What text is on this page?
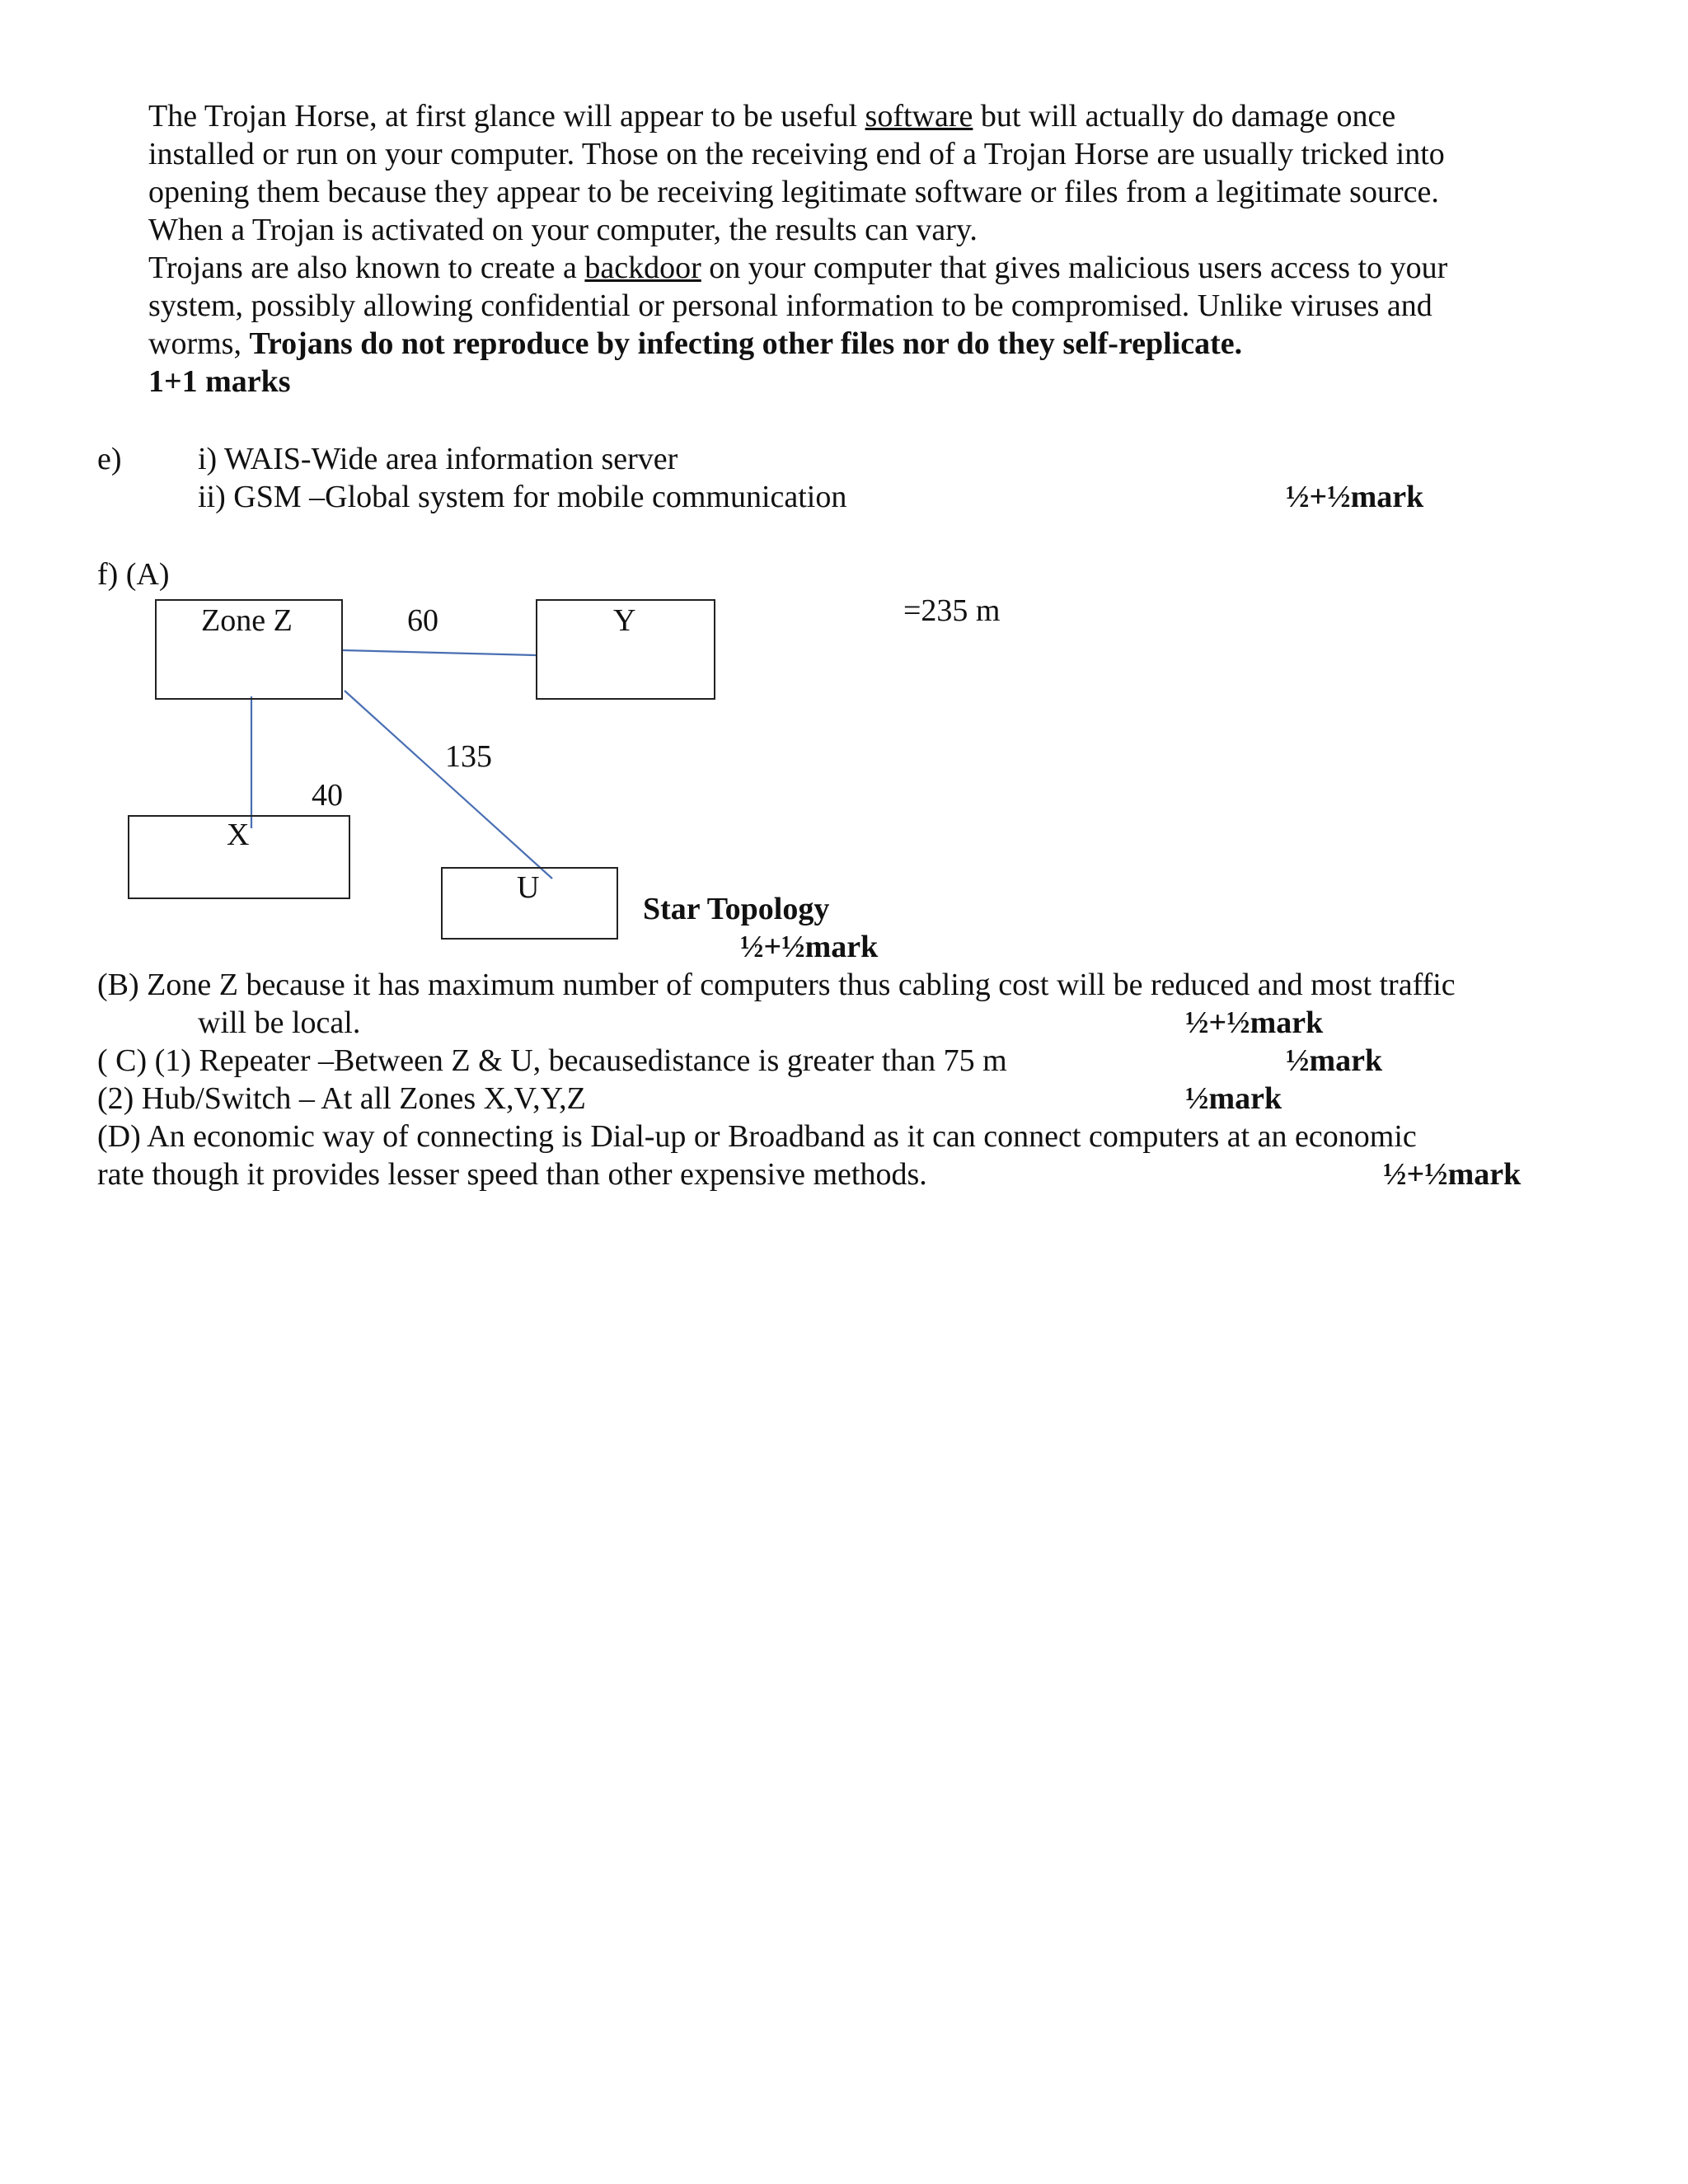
The Trojan Horse, at first glance will appear to be useful software but will actually do damage once
installed or run on your computer. Those on the receiving end of a Trojan Horse are usually tricked into
opening them because they appear to be receiving legitimate software or files from a legitimate source.
When a Trojan is activated on your computer, the results can vary.
Trojans are also known to create a backdoor on your computer that gives malicious users access to your
system, possibly allowing confidential or personal information to be compromised. Unlike viruses and
worms, Trojans do not reproduce by infecting other files nor do they self-replicate.
1+1 marks
e) i) WAIS-Wide area information server
ii) GSM –Global system for mobile communication	½+½mark
f) (A)
Zone Z	Y
X
U
60
135
40
=235 m
Star Topology
½+½mark
(B) Zone Z because it has maximum number of computers thus cabling cost will be reduced and most traffic
will be local.	½+½mark
( C) (1) Repeater –Between Z & U, becausedistance is greater than 75 m	½mark
(2) Hub/Switch – At all Zones X,V,Y,Z	½mark
(D) An economic way of connecting is Dial-up or Broadband as it can connect computers at an economic
rate though it provides lesser speed than other expensive methods.	½+½mark
